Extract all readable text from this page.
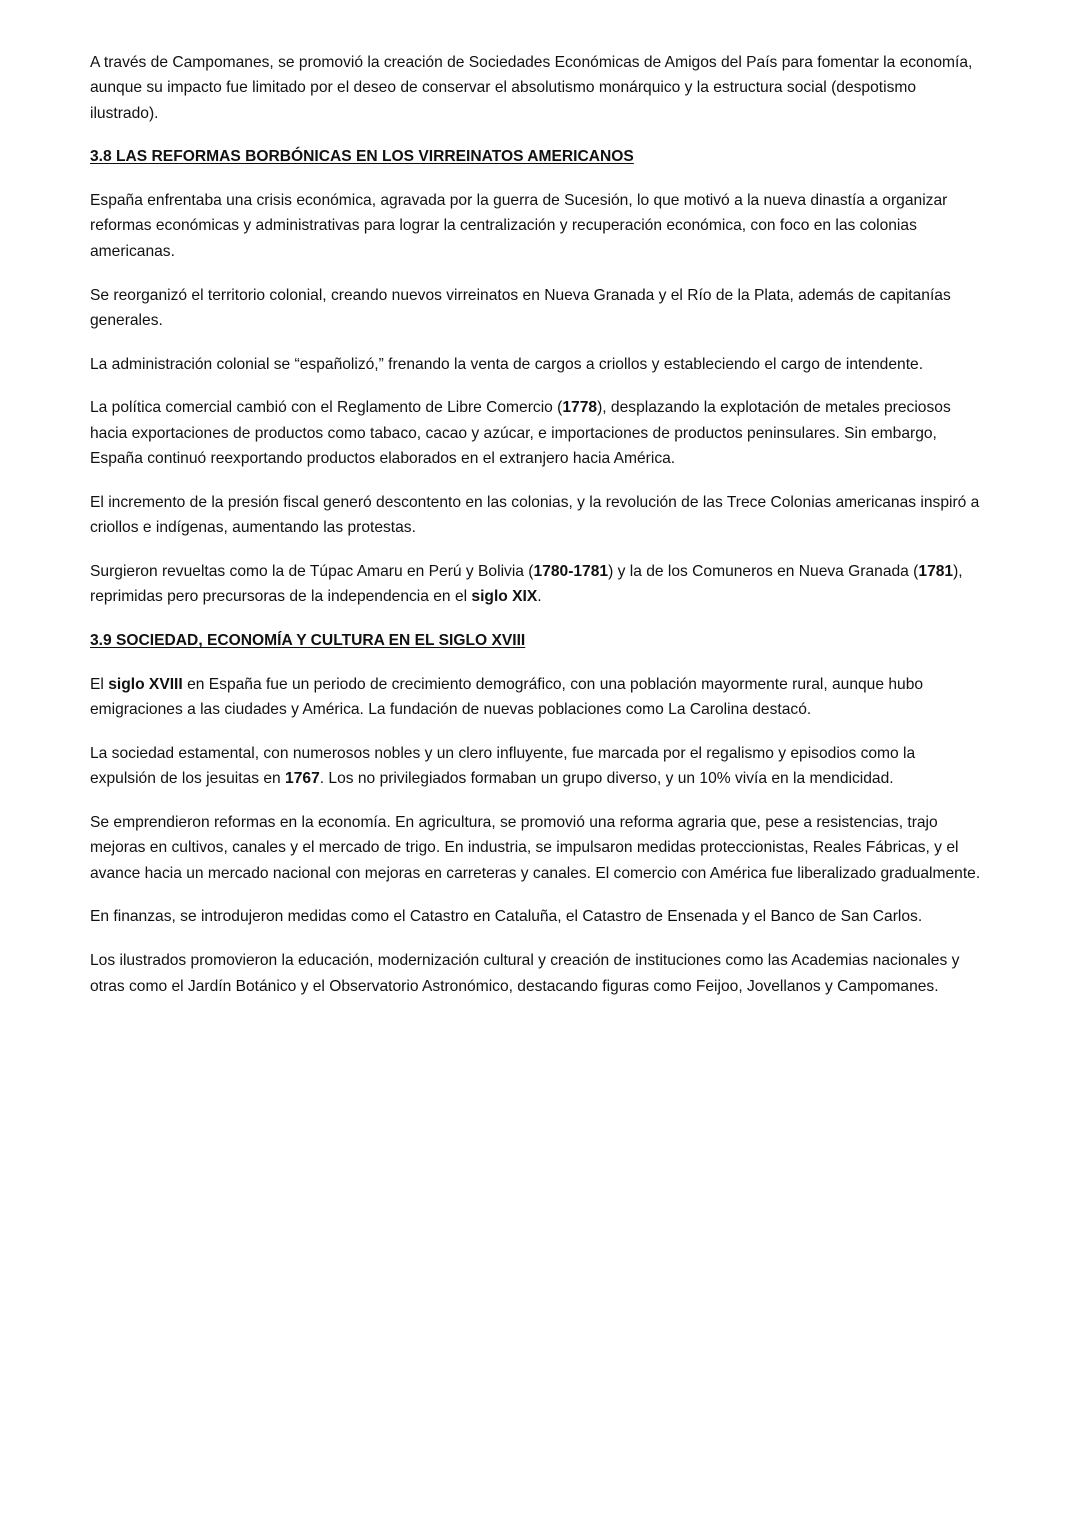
A través de Campomanes, se promovió la creación de Sociedades Económicas de Amigos del País para fomentar la economía, aunque su impacto fue limitado por el deseo de conservar el absolutismo monárquico y la estructura social (despotismo ilustrado).

3.8 LAS REFORMAS BORBÓNICAS EN LOS VIRREINATOS AMERICANOS

España enfrentaba una crisis económica, agravada por la guerra de Sucesión, lo que motivó a la nueva dinastía a organizar reformas económicas y administrativas para lograr la centralización y recuperación económica, con foco en las colonias americanas.

Se reorganizó el territorio colonial, creando nuevos virreinatos en Nueva Granada y el Río de la Plata, además de capitanías generales.

La administración colonial se “españolizó,” frenando la venta de cargos a criollos y estableciendo el cargo de intendente.

La política comercial cambió con el Reglamento de Libre Comercio (1778), desplazando la explotación de metales preciosos hacia exportaciones de productos como tabaco, cacao y azúcar, e importaciones de productos peninsulares. Sin embargo, España continuó reexportando productos elaborados en el extranjero hacia América.

El incremento de la presión fiscal generó descontento en las colonias, y la revolución de las Trece Colonias americanas inspiró a criollos e indígenas, aumentando las protestas.

Surgieron revueltas como la de Túpac Amaru en Perú y Bolivia (1780-1781) y la de los Comuneros en Nueva Granada (1781), reprimidas pero precursoras de la independencia en el siglo XIX.

3.9 SOCIEDAD, ECONOMÍA Y CULTURA EN EL SIGLO XVIII

El siglo XVIII en España fue un periodo de crecimiento demográfico, con una población mayormente rural, aunque hubo emigraciones a las ciudades y América. La fundación de nuevas poblaciones como La Carolina destacó.

La sociedad estamental, con numerosos nobles y un clero influyente, fue marcada por el regalismo y episodios como la expulsión de los jesuitas en 1767. Los no privilegiados formaban un grupo diverso, y un 10% vivía en la mendicidad.

Se emprendieron reformas en la economía. En agricultura, se promovió una reforma agraria que, pese a resistencias, trajo mejoras en cultivos, canales y el mercado de trigo. En industria, se impulsaron medidas proteccionistas, Reales Fábricas, y el avance hacia un mercado nacional con mejoras en carreteras y canales. El comercio con América fue liberalizado gradualmente.

En finanzas, se introdujeron medidas como el Catastro en Cataluña, el Catastro de Ensenada y el Banco de San Carlos.

Los ilustrados promovieron la educación, modernización cultural y creación de instituciones como las Academias nacionales y otras como el Jardín Botánico y el Observatorio Astronómico, destacando figuras como Feijoo, Jovellanos y Campomanes.
